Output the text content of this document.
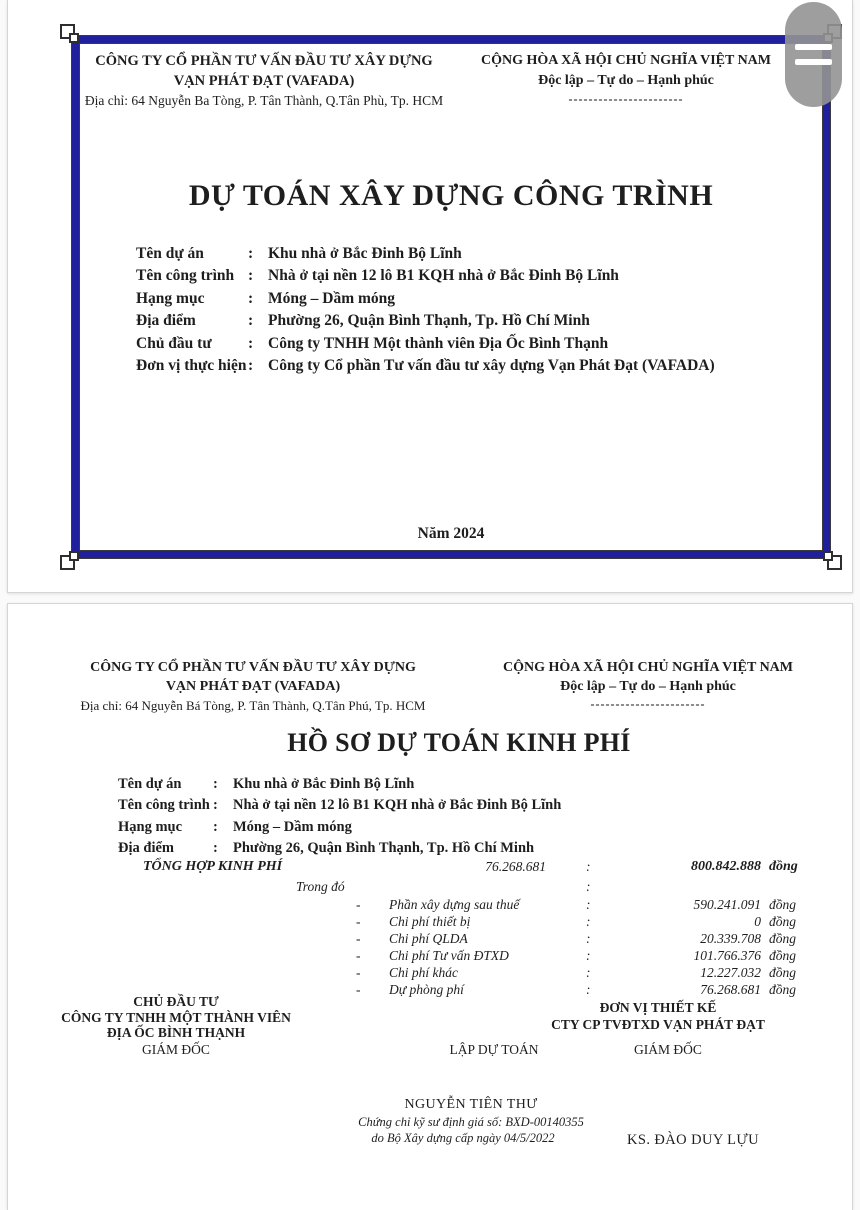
CÔNG TY CỔ PHẦN TƯ VẤN ĐẦU TƯ XÂY DỰNG
VẠN PHÁT ĐẠT (VAFADA)
Địa chỉ: 64 Nguyễn Ba Tòng, P. Tân Thành, Q.Tân Phù, Tp. HCM
CỘNG HÒA XÃ HỘI CHỦ NGHĨA VIỆT NAM
Độc lập – Tự do – Hạnh phúc
-----------------------
DỰ TOÁN XÂY DỰNG CÔNG TRÌNH
Tên dự án	: Khu nhà ở Bắc Đinh Bộ Lĩnh
Tên công trình : Nhà ở tại nền 12 lô B1 KQH nhà ở Bắc Đinh Bộ Lĩnh
Hạng mục	: Móng – Dầm móng
Địa điểm	: Phường 26, Quận Bình Thạnh, Tp. Hồ Chí Minh
Chủ đầu tư	: Công ty TNHH Một thành viên Địa Ốc Bình Thạnh
Đơn vị thực hiện : Công ty Cổ phần Tư vấn đầu tư xây dựng Vạn Phát Đạt (VAFADA)
Năm 2024
CÔNG TY CỔ PHẦN TƯ VẤN ĐẦU TƯ XÂY DỰNG
VẠN PHÁT ĐẠT (VAFADA)
Địa chỉ: 64 Nguyễn Bá Tòng, P. Tân Thành, Q.Tân Phú, Tp. HCM
CỘNG HÒA XÃ HỘI CHỦ NGHĨA VIỆT NAM
Độc lập – Tự do – Hạnh phúc
-----------------------
HỒ SƠ DỰ TOÁN KINH PHÍ
Tên dự án	:	Khu nhà ở Bắc Đinh Bộ Lĩnh
Tên công trình :	Nhà ở tại nền 12 lô B1 KQH nhà ở Bắc Đinh Bộ Lĩnh
Hạng mục	:	Móng – Dầm móng
Địa điểm	:	Phường 26, Quận Bình Thạnh, Tp. Hồ Chí Minh
TỔNG HỢP KINH PHÍ	76.268.681	:	800.842.888 đồng
Trong đó	:
- Phần xây dựng sau thuế	:	590.241.091 đồng
- Chi phí thiết bị	:	0 đồng
- Chi phí QLDA	:	20.339.708 đồng
- Chi phí Tư vấn ĐTXD	:	101.766.376 đồng
- Chi phí khác	:	12.227.032 đồng
- Dự phòng phí	:	76.268.681 đồng
CHỦ ĐẦU TƯ
CÔNG TY TNHH MỘT THÀNH VIÊN
ĐỊA ỐC BÌNH THẠNH
GIÁM ĐỐC	LẬP DỰ TOÁN
ĐƠN VỊ THIẾT KẾ
CTY CP TVĐTXD VẠN PHÁT ĐẠT
GIÁM ĐỐC
NGUYỄN TIÊN THƯ
Chứng chỉ kỹ sư định giá số: BXD-00140355
do Bộ Xây dựng cấp ngày 04/5/2022	KS. ĐÀO DUY LỰU
